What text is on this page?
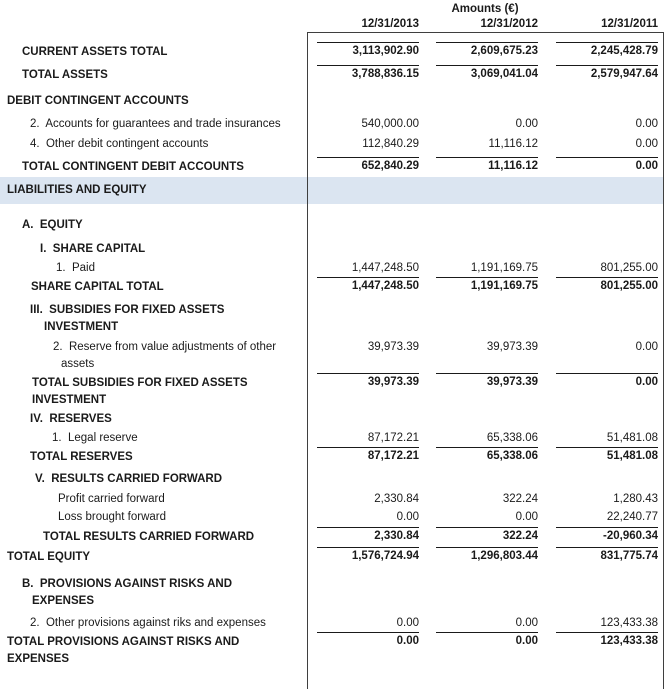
Amounts (€)
12/31/2013	12/31/2012	12/31/2011
CURRENT ASSETS TOTAL	3,113,902.90	2,609,675.23	2,245,428.79
TOTAL ASSETS	3,788,836.15	3,069,041.04	2,579,947.64
DEBIT CONTINGENT ACCOUNTS
2.  Accounts for guarantees and trade insurances	540,000.00	0.00	0.00
4.  Other debit contingent accounts	112,840.29	11,116.12	0.00
TOTAL CONTINGENT DEBIT ACCOUNTS	652,840.29	11,116.12	0.00
LIABILITIES AND EQUITY
A.  EQUITY
I.  SHARE CAPITAL
1.  Paid	1,447,248.50	1,191,169.75	801,255.00
SHARE CAPITAL TOTAL	1,447,248.50	1,191,169.75	801,255.00
III.  SUBSIDIES FOR FIXED ASSETS
INVESTMENT
2.  Reserve from value adjustments of other
assets
39,973.39	39,973.39	0.00
TOTAL SUBSIDIES FOR FIXED ASSETS
INVESTMENT
39,973.39	39,973.39	0.00
IV.  RESERVES
1.  Legal reserve	87,172.21	65,338.06	51,481.08
TOTAL RESERVES	87,172.21	65,338.06	51,481.08
V.  RESULTS CARRIED FORWARD
Profit carried forward	2,330.84	322.24	1,280.43
Loss brought forward	0.00	0.00	22,240.77
TOTAL RESULTS CARRIED FORWARD	2,330.84	322.24	-20,960.34
TOTAL EQUITY	1,576,724.94	1,296,803.44	831,775.74
B.  PROVISIONS AGAINST RISKS AND
EXPENSES
2.  Other provisions against riks and expenses	0.00	0.00	123,433.38
TOTAL PROVISIONS AGAINST RISKS AND
EXPENSES
0.00	0.00	123,433.38
